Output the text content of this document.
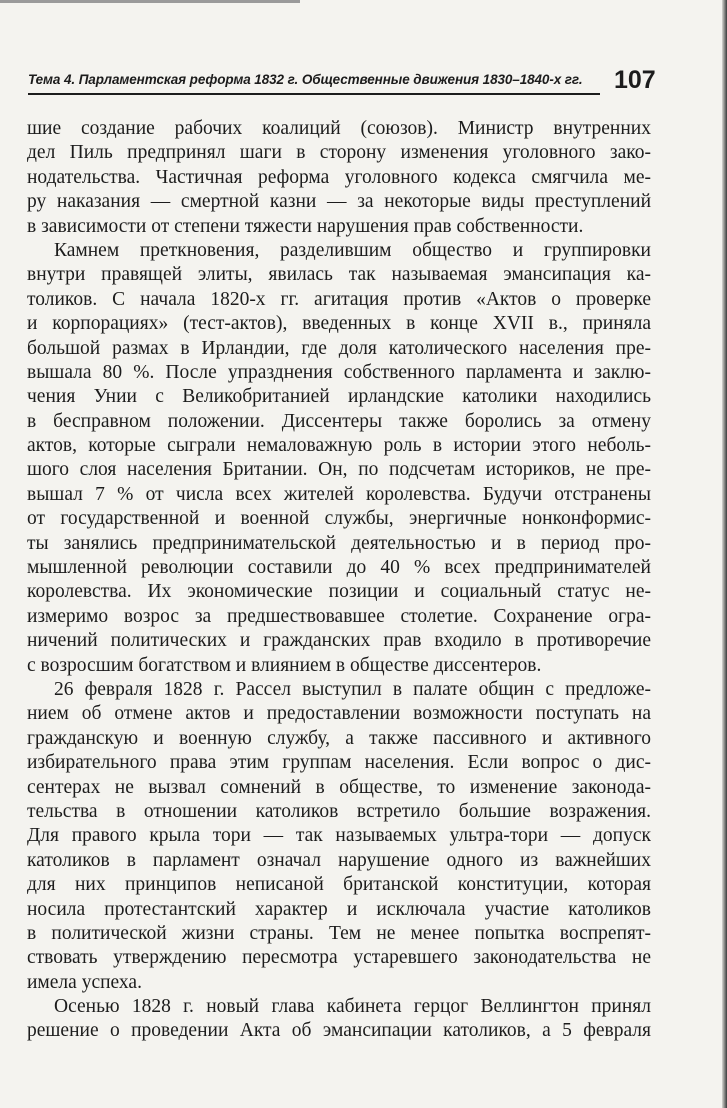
Тема 4. Парламентская реформа 1832 г. Общественные движения 1830–1840-х гг. 107
шие создание рабочих коалиций (союзов). Министр внутренних
дел Пиль предпринял шаги в сторону изменения уголовного зако-
нодательства. Частичная реформа уголовного кодекса смягчила ме-
ру наказания — смертной казни — за некоторые виды преступлений
в зависимости от степени тяжести нарушения прав собственности.
Камнем преткновения, разделившим общество и группировки
внутри правящей элиты, явилась так называемая эмансипация ка-
толиков. С начала 1820-х гг. агитация против «Актов о проверке
и корпорациях» (тест-актов), введенных в конце XVII в., приняла
большой размах в Ирландии, где доля католического населения пре-
вышала 80 %. После упразднения собственного парламента и заклю-
чения Унии с Великобританией ирландские католики находились
в бесправном положении. Диссентеры также боролись за отмену
актов, которые сыграли немаловажную роль в истории этого неболь-
шого слоя населения Британии. Он, по подсчетам историков, не пре-
вышал 7 % от числа всех жителей королевства. Будучи отстранены
от государственной и военной службы, энергичные нонконформис-
ты занялись предпринимательской деятельностью и в период про-
мышленной революции составили до 40 % всех предпринимателей
королевства. Их экономические позиции и социальный статус не-
измеримо возрос за предшествовавшее столетие. Сохранение огра-
ничений политических и гражданских прав входило в противоречие
с возросшим богатством и влиянием в обществе диссентеров.
26 февраля 1828 г. Рассел выступил в палате общин с предложе-
нием об отмене актов и предоставлении возможности поступать на
гражданскую и военную службу, а также пассивного и активного
избирательного права этим группам населения. Если вопрос о дис-
сентерах не вызвал сомнений в обществе, то изменение законода-
тельства в отношении католиков встретило большие возражения.
Для правого крыла тори — так называемых ультра-тори — допуск
католиков в парламент означал нарушение одного из важнейших
для них принципов неписаной британской конституции, которая
носила протестантский характер и исключала участие католиков
в политической жизни страны. Тем не менее попытка воспрепят-
ствовать утверждению пересмотра устаревшего законодательства не
имела успеха.
Осенью 1828 г. новый глава кабинета герцог Веллингтон принял
решение о проведении Акта об эмансипации католиков, а 5 февраля
